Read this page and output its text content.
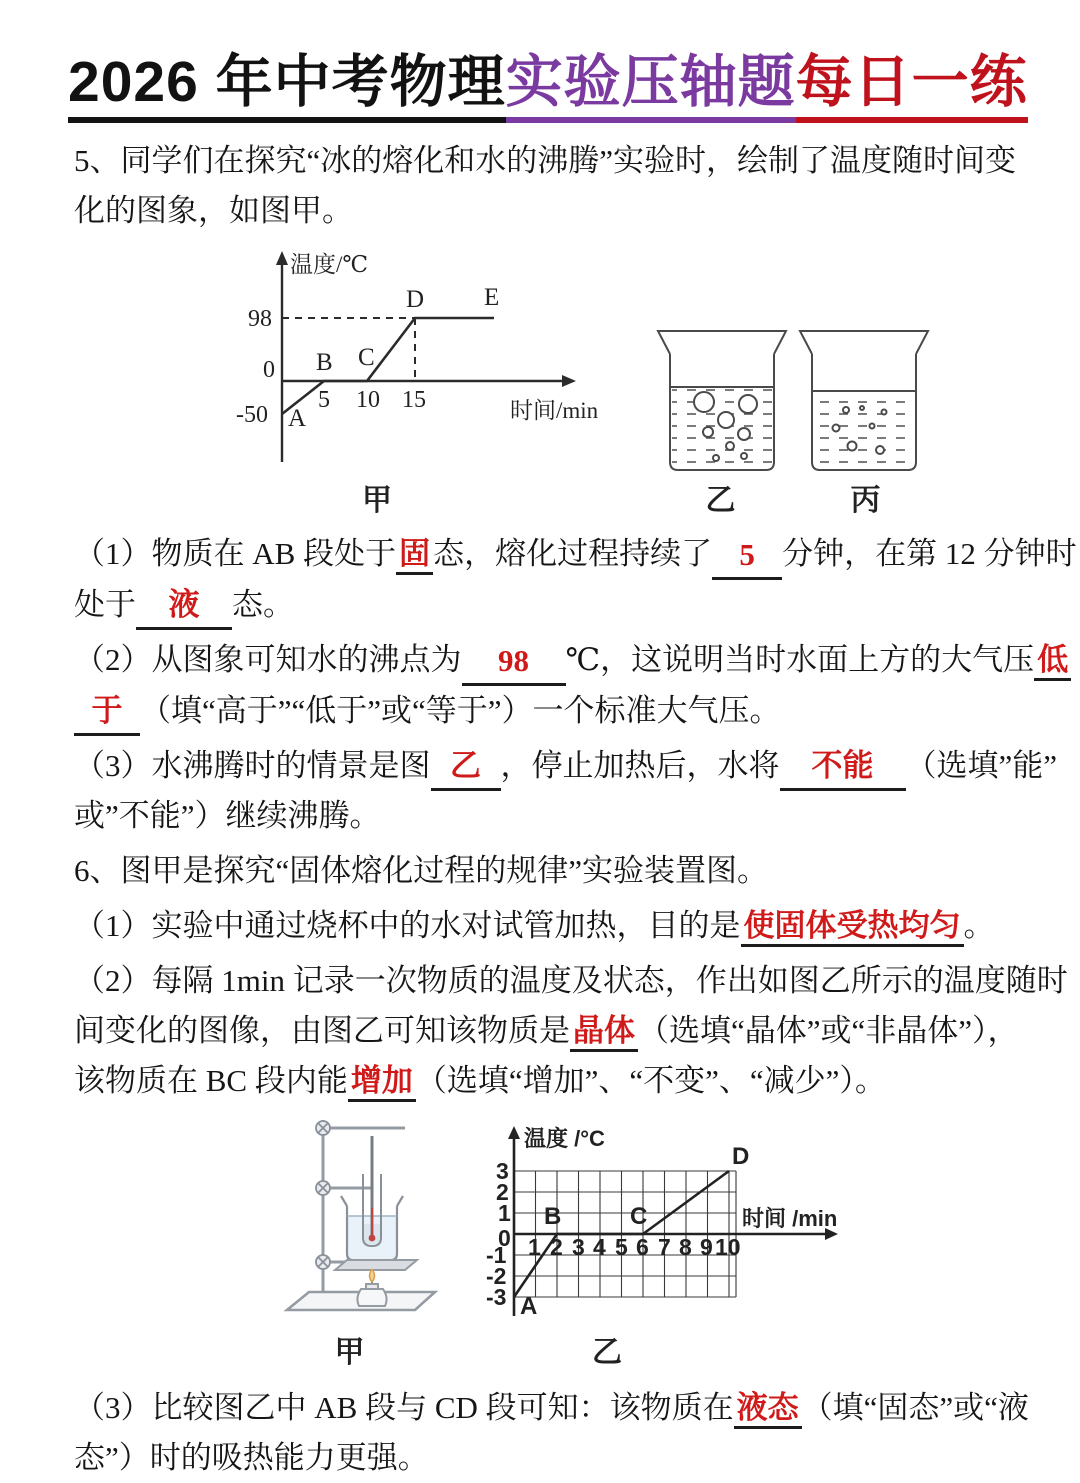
2026 年中考物理实验压轴题每日一练
5、同学们在探究“冰的熔化和水的沸腾”实验时，绘制了温度随时间变
化的图象，如图甲。
温度/℃
时间/min
98
0
-50
5 10 15
A
B C
D E
甲	乙	丙
（1）物质在 AB 段处于固态，熔化过程持续了 5 分钟，在第 12 分钟时
处于 液 态。
（2）从图象可知水的沸点为 98 ℃，这说明当时水面上方的大气压低
于 （填“高于”“低于”或“等于”）一个标准大气压。
（3）水沸腾时的情景是图 乙 ，停止加热后，水将 不能 （选填”能”
或”不能”）继续沸腾。
6、图甲是探究“固体熔化过程的规律”实验装置图。
（1）实验中通过烧杯中的水对试管加热，目的是使固体受热均匀。
（2）每隔 1min 记录一次物质的温度及状态，作出如图乙所示的温度随时
间变化的图像，由图乙可知该物质是晶体（选填“晶体”或“非晶体”），
该物质在 BC 段内能增加（选填“增加”、“不变”、“减少”）。
甲
温度 /°C
时间 /min
3
2
1
0
-1
-2
-3
1 2 3 4 5 6 7 8 9 10
A
B	C
D
乙
（3）比较图乙中 AB 段与 CD 段可知：该物质在液态（填“固态”或“液
态”）时的吸热能力更强。
